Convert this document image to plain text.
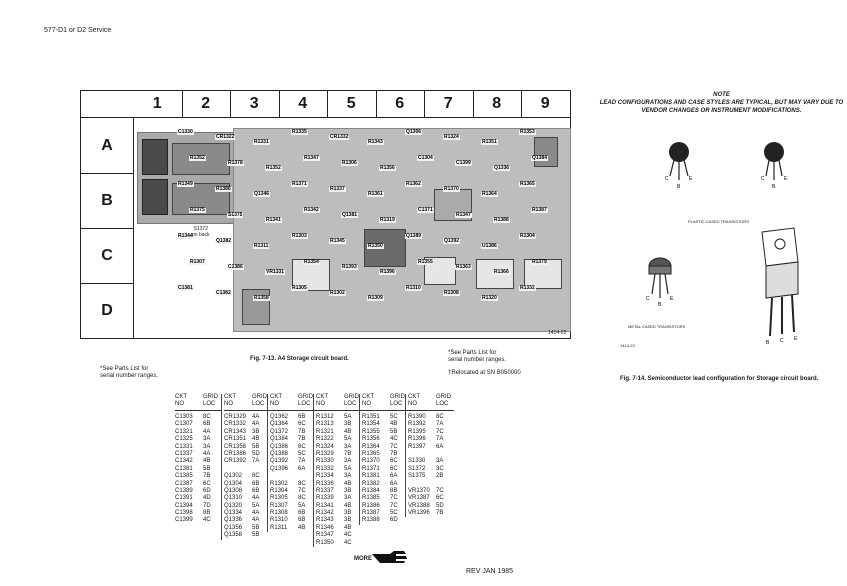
577-D1 or D2 Service
1	2	3	4	5	6	7	8	9
A
B
C
D
C1330
CR1322
R1331
R1335
CR1332
R1343
Q1306
R1324
R1351
R1353
R1352
R1378
R1352
R1347
R1306
R1356
C1304
C1399
Q1336
Q1384
R1349
R1386
Q1346
R1371
R1337
R1361
R1362
R1370
R1364
R1365
R1375
S1375
R1341
R1342
Q1381
R1319
C1371
R1347
R1388
R1387
R1344
Q1382
R1311
R1303
R1345
R1350
Q1389
Q1392
U1386
R1304
R1307
C1386
VR1331
R1354
R1393
R1396
R1355
R1363
R1366
R1379
C1381
C1382
R1358
R1305
R1302
R1309
R1310
R1308
R1320
R1332
S1372
on back
1414-22
Fig. 7-13. A4 Storage circuit board.
*See Parts List for
serial number ranges.
*See Parts List for
serial number ranges.
†Relocated at SN B050000
CKT
NO
GRID
LOC
C1303	8C
C1307	6B
C1321	4A
C1325	3A
C1331	3A
C1337	4A
C1342	4B
C1381	5B
C1385	7B
C1387	6C
C1389	6D
C1391	4D
C1394	7D
C1398	8B
C1399	4C
CKT
NO
GRID
LOC
CR1329 4A
CR1332 4A
CR1343 3B
CR1351 4B
CR1358 5B
CR1386 5D
CR1392 7A
Q1302	8C
Q1304	6B
Q1308	6B
Q1310	4A
Q1320	5A
Q1334	4A
Q1336	4A
Q1356	5B
Q1358	5B
CKT
NO
GRID
LOC
Q1362	6B
Q1364	6C
Q1372	7B
Q1384	7B
Q1386	6C
Q1388	5C
Q1392	7A
Q1396	6A
R1302	8C
R1304	7C
R1305	8C
R1307	5A
R1308	6B
R1310	6B
R1311	4B
CKT
NO
GRID
LOC
R1312	5A
R1313	3B
R1321	4B
R1322	5A
R1324	3A
R1329	7B
R1330	3A
R1332	5A
R1334	3A
R1336	4B
R1337	3B
R1339	3A
R1341	4B
R1342	3B
R1343	3B
R1346	4B
R1347	4C
R1350	4C
CKT
NO
GRID
LOC
R1351	5C
R1354	4B
R1355	5B
R1356	4C
R1364	7C
R1365	7B
R1370	6C
R1371	6C
R1381	6A
R1382	6A
R1384	8B
R1385	7C
R1386	7C
R1387	5C
R1388	6D
CKT
NO
GRID
LOC
R1390	8C
R1392	7A
R1395	7C
R1396	7A
R1397	6A
S1330	3A
S1372	3C
S1375	2B
VR1370	7C
VR1387	6C
VR1388	5D
VR1396	7B
MORE
REV JAN 1985
NOTE
LEAD CONFIGURATIONS AND CASE STYLES ARE TYPICAL, BUT MAY VARY DUE TO VENDOR CHANGES OR INSTRUMENT MODIFICATIONS.
C
B
E	C
B
E
PLASTIC CASED TRANSISTORS
C
B
E
METAL CASED TRANSISTORS
B C E
1414-23
Fig. 7-14. Semiconductor lead configuration for Storage circuit board.
